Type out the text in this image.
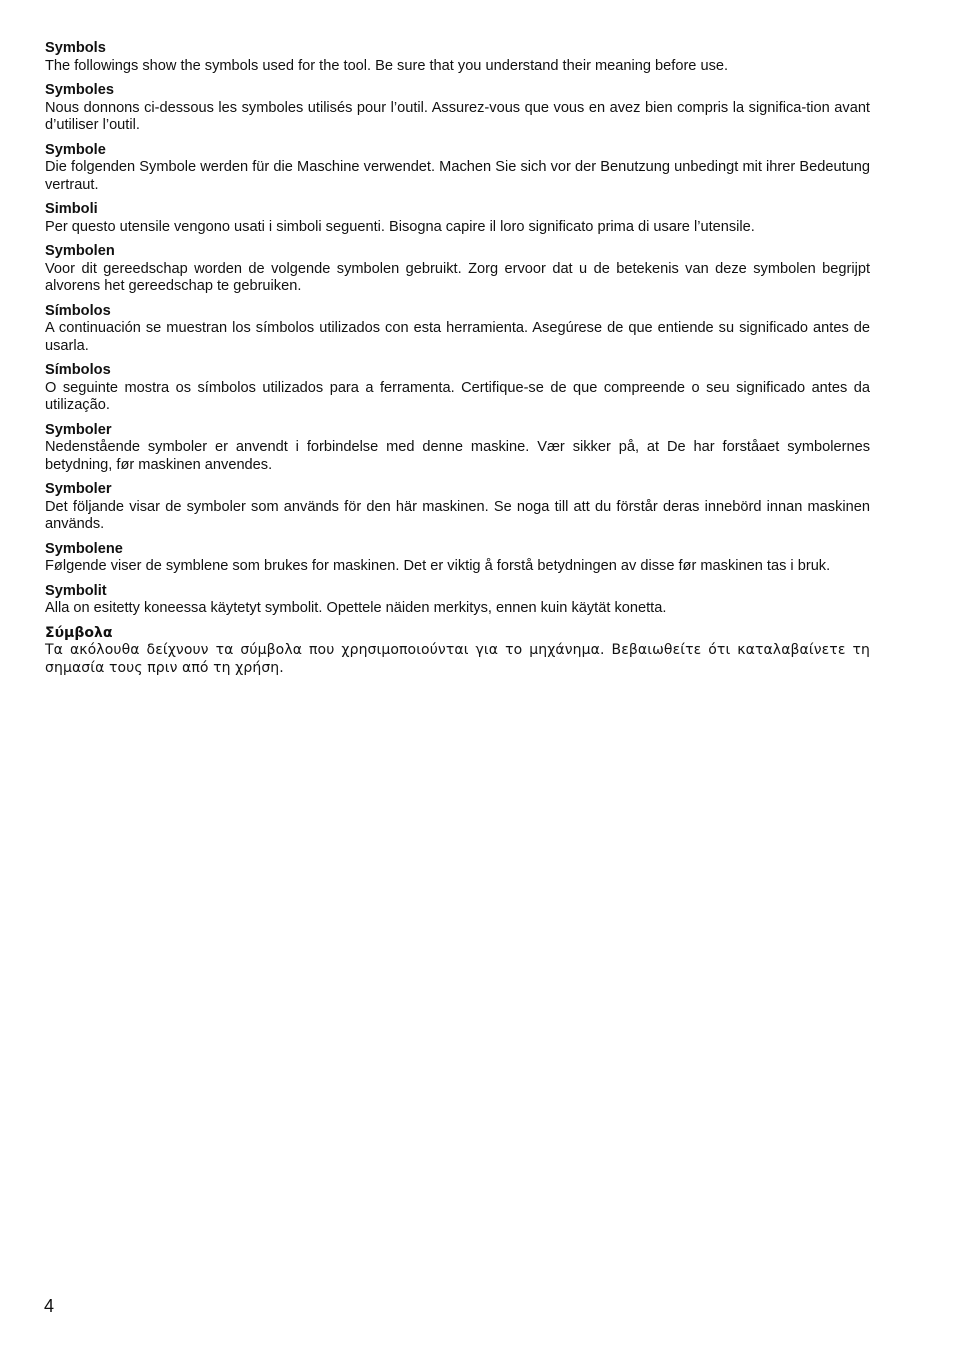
Symbols

The followings show the symbols used for the tool. Be sure that you understand their meaning before use.

Symboles

Nous donnons ci-dessous les symboles utilisés pour l’outil. Assurez-vous que vous en avez bien compris la significa-tion avant d’utiliser l’outil.

Symbole

Die folgenden Symbole werden für die Maschine verwendet. Machen Sie sich vor der Benutzung unbedingt mit ihrer Bedeutung vertraut.

Simboli

Per questo utensile vengono usati i simboli seguenti. Bisogna capire il loro significato prima di usare l’utensile.

Symbolen

Voor dit gereedschap worden de volgende symbolen gebruikt. Zorg ervoor dat u de betekenis van deze symbolen begrijpt alvorens het gereedschap te gebruiken.

Símbolos

A continuación se muestran los símbolos utilizados con esta herramienta. Asegúrese de que entiende su significado antes de usarla.

Símbolos

O seguinte mostra os símbolos utilizados para a ferramenta. Certifique-se de que compreende o seu significado antes da utilização.

Symboler

Nedenstående symboler er anvendt i forbindelse med denne maskine. Vær sikker på, at De har forståaet symbolernes betydning, før maskinen anvendes.

Symboler

Det följande visar de symboler som används för den här maskinen. Se noga till att du förstår deras innebörd innan maskinen används.

Symbolene

Følgende viser de symblene som brukes for maskinen. Det er viktig å forstå betydningen av disse før maskinen tas i bruk.

Symbolit

Alla on esitetty koneessa käytetyt symbolit. Opettele näiden merkitys, ennen kuin käytät konetta.

Σύμβολα

Τα ακόλουθα δείχνουν τα σύμβολα που χρησιμοποιούνται για το μηχάνημα. Βεβαιωθείτε ότι καταλαβαίνετε τη σημασία τους πριν από τη χρήση.

4
